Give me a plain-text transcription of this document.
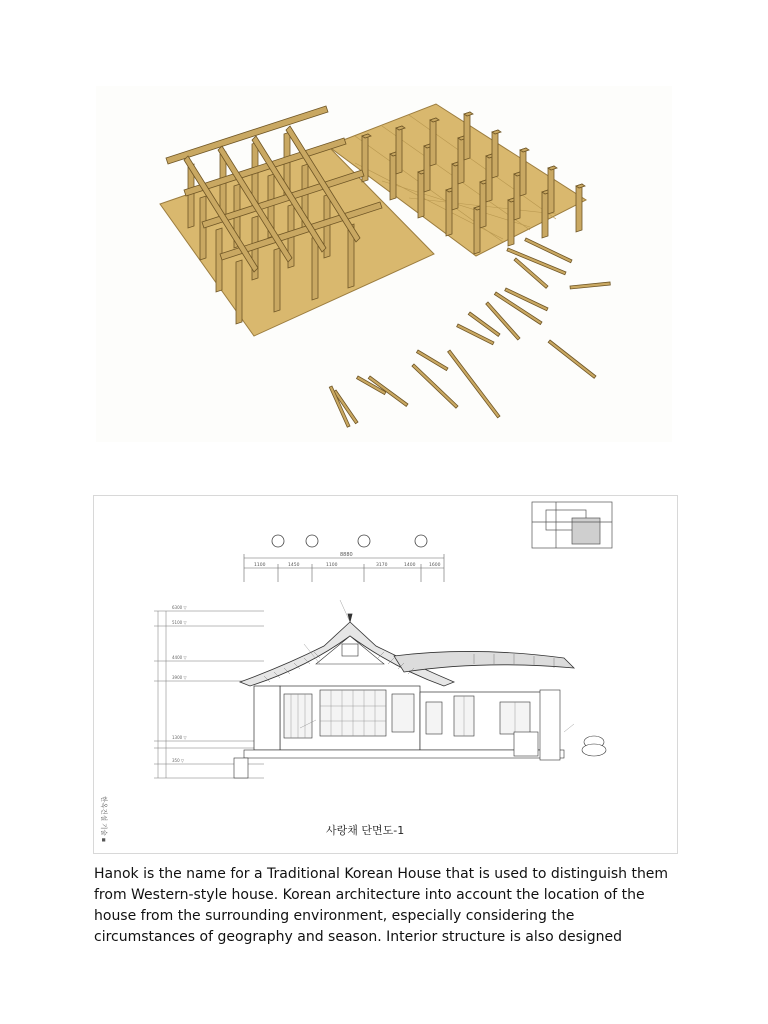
8880
1100	1450	1100	3170	1400	1600
6300 ▽
5100 ▽
4400 ▽
3900 ▽
1300 ▽
350 ▽
한옥건설 기술 ▪	사랑채 단면도-1

Hanok is the name for a Traditional Korean House that is used to distinguish them
from Western-style house. Korean architecture into account the location of the
house from the surrounding environment, especially considering the
circumstances of geography and season. Interior structure is also designed
